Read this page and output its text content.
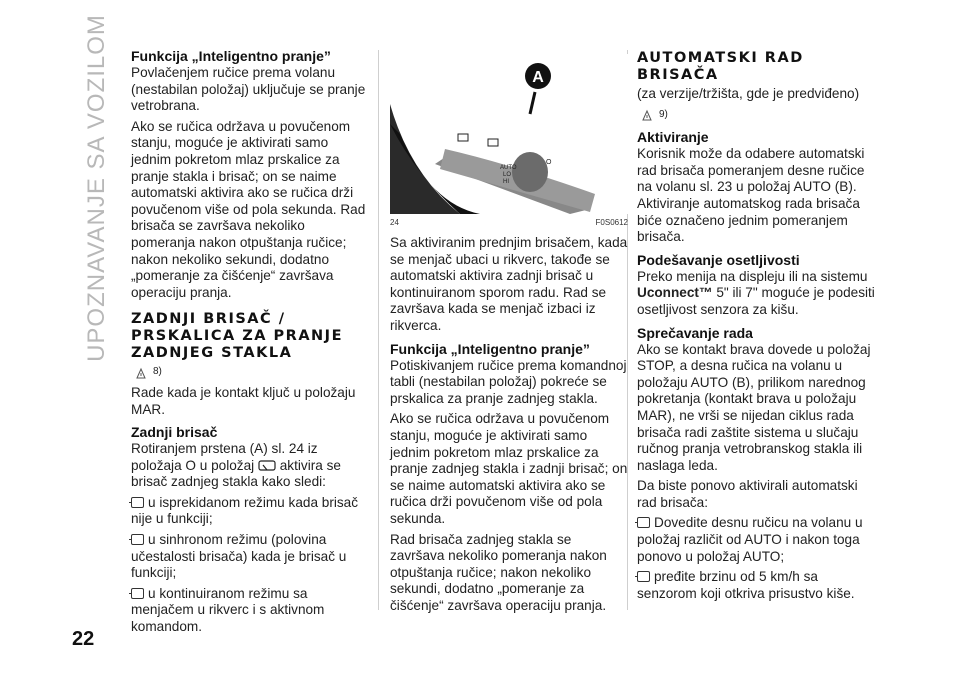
UPOZNAVANJE SA VOZILOM
22
Funkcija „Inteligentno pranje”

Povlačenjem ručice prema volanu (nestabilan položaj) uključuje se pranje vetrobrana.

Ako se ručica održava u povučenom stanju, moguće je aktivirati samo jednim pokretom mlaz prskalice za pranje stakla i brisač; on se naime automatski aktivira ako se ručica drži povučenom više od pola sekunda. Rad brisača se završava nekoliko pomeranja nakon otpuštanja ručice; nakon nekoliko sekundi, dodatno „pomeranje za čišćenje“ završava operaciju pranja.

ZADNJI BRISAČ / PRSKALICA ZA PRANJE ZADNJEG STAKLA
8)

Rade kada je kontakt ključ u položaju MAR.

Zadnji brisač

Rotiranjem prstena (A) sl. 24 iz položaja O u položaj aktivira se brisač zadnjeg stakla kako sledi:

u isprekidanom režimu kada brisač nije u funkciji;

u sinhronom režimu (polovina učestalosti brisača) kada je brisač u funkciji;

u kontinuiranom režimu sa menjačem u rikverc i s aktivnom komandom.

A
AUTO
LO
HI
O
24	F0S0612

Sa aktiviranim prednjim brisačem, kada se menjač ubaci u rikverc, takođe se automatski aktivira zadnji brisač u kontinuiranom sporom radu. Rad se završava kada se menjač izbaci iz rikverca.

Funkcija „Inteligentno pranje”

Potiskivanjem ručice prema komandnoj tabli (nestabilan položaj) pokreće se prskalica za pranje zadnjeg stakla.

Ako se ručica održava u povučenom stanju, moguće je aktivirati samo jednim pokretom mlaz prskalice za pranje zadnjeg stakla i zadnji brisač; on se naime automatski aktivira ako se ručica drži povučenom više od pola sekunda.

Rad brisača zadnjeg stakla se završava nekoliko pomeranja nakon otpuštanja ručice; nakon nekoliko sekundi, dodatno „pomeranje za čišćenje“ završava operaciju pranja.

AUTOMATSKI RAD BRISAČA

(za verzije/tržišta, gde je predviđeno)

9)
Aktiviranje

Korisnik može da odabere automatski rad brisača pomeranjem desne ručice na volanu sl. 23 u položaj AUTO (B). Aktiviranje automatskog rada brisača biće označeno jednim pomeranjem brisača.

Podešavanje osetljivosti

Preko menija na displeju ili na sistemu Uconnect™ 5" ili 7" moguće je podesiti osetljivost senzora za kišu.

Sprečavanje rada

Ako se kontakt brava dovede u položaj STOP, a desna ručica na volanu u položaju AUTO (B), prilikom narednog pokretanja (kontakt brava u položaju MAR), ne vrši se nijedan ciklus rada brisača radi zaštite sistema u slučaju ručnog pranja vetrobranskog stakla ili naslaga leda.

Da biste ponovo aktivirali automatski rad brisača:

Dovedite desnu ručicu na volanu u položaj različit od AUTO i nakon toga ponovo u položaj AUTO;

pređite brzinu od 5 km/h sa senzorom koji otkriva prisustvo kiše.
